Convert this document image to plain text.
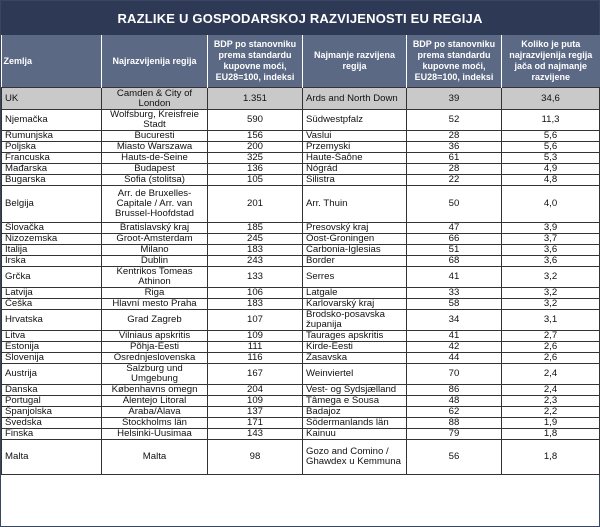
RAZLIKE U GOSPODARSKOJ RAZVIJENOSTI EU REGIJA
Zemlja	Najrazvijenija regija	BDP po stanovniku prema standardu kupovne moći, EU28=100, indeksi	Najmanje razvijena regija	BDP po stanovniku prema standardu kupovne moći, EU28=100, indeksi	Koliko je puta najrazvijenija regija jača od najmanje razvijene
UK	Camden & City of London	1.351	Ards and North Down	39	34,6
Njemačka	Wolfsburg, Kreisfreie Stadt	590	Südwestpfalz	52	11,3
Rumunjska	Bucuresti	156	Vaslui	28	5,6
Poljska	Miasto Warszawa	200	Przemyski	36	5,6
Francuska	Hauts-de-Seine	325	Haute-Saône	61	5,3
Mađarska	Budapest	136	Nógrád	28	4,9
Bugarska	Sofia (stolitsa)	105	Silistra	22	4,8
Belgija	Arr. de Bruxelles-Capitale / Arr. van Brussel-Hoofdstad	201	Arr. Thuin	50	4,0
Slovačka	Bratislavský kraj	185	Presovský kraj	47	3,9
Nizozemska	Groot-Amsterdam	245	Oost-Groningen	66	3,7
Italija	Milano	183	Carbonia-Iglesias	51	3,6
Irska	Dublin	243	Border	68	3,6
Grčka	Kentrikos Tomeas Athinon	133	Serres	41	3,2
Latvija	Riga	106	Latgale	33	3,2
Češka	Hlavní mesto Praha	183	Karlovarský kraj	58	3,2
Hrvatska	Grad Zagreb	107	Brodsko-posavska županija	34	3,1
Litva	Vilniaus apskritis	109	Taurages apskritis	41	2,7
Estonija	Põhja-Eesti	111	Kirde-Eesti	42	2,6
Slovenija	Osrednjeslovenska	116	Zasavska	44	2,6
Austrija	Salzburg und Umgebung	167	Weinviertel	70	2,4
Danska	Københavns omegn	204	Vest- og Sydsjælland	86	2,4
Portugal	Alentejo Litoral	109	Tâmega e Sousa	48	2,3
Španjolska	Araba/Álava	137	Badajoz	62	2,2
Švedska	Stockholms län	171	Södermanlands län	88	1,9
Finska	Helsinki-Uusimaa	143	Kainuu	79	1,8
Malta	Malta	98	Gozo and Comino / Ghawdex u Kemmuna	56	1,8
